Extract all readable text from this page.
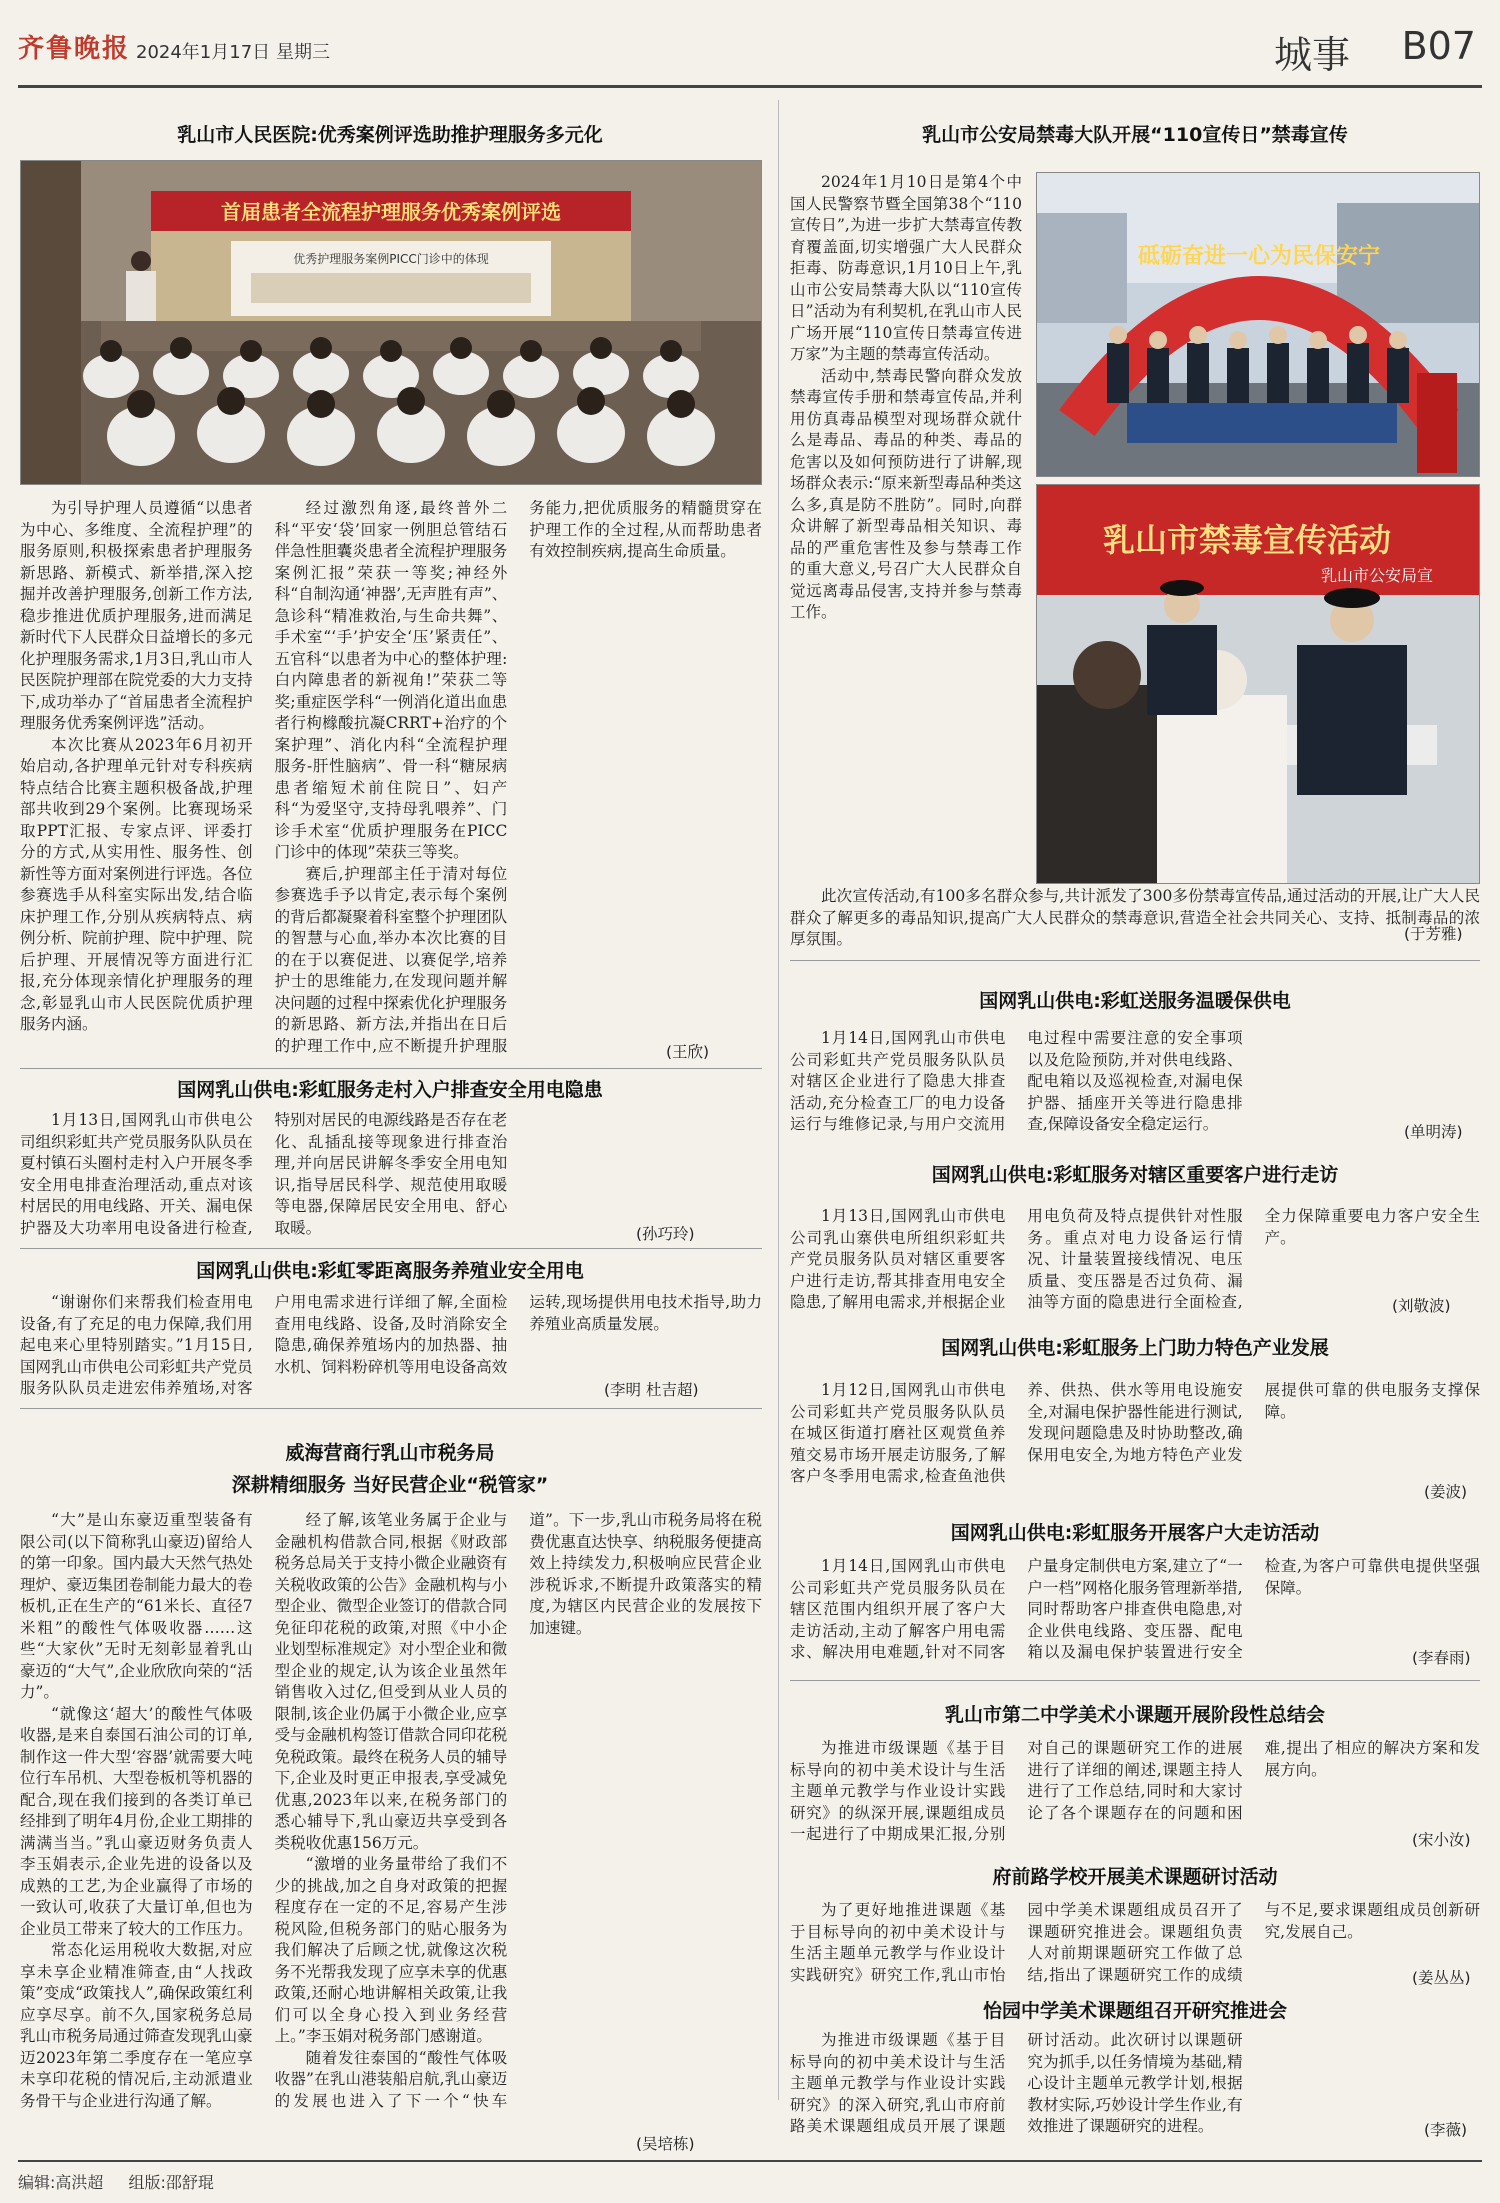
齐鲁晚报 2024年1月17日 星期三	城事 B07
乳山市人民医院:优秀案例评选助推护理服务多元化
首届患者全流程护理服务优秀案例评选
优秀护理服务案例PICC门诊中的体现

为引导护理人员遵循“以患者为中心、多维度、全流程护理”的服务原则,积极探索患者护理服务新思路、新模式、新举措,深入挖掘并改善护理服务,创新工作方法,稳步推进优质护理服务,进而满足新时代下人民群众日益增长的多元化护理服务需求,1月3日,乳山市人民医院护理部在院党委的大力支持下,成功举办了“首届患者全流程护理服务优秀案例评选”活动。

本次比赛从2023年6月初开始启动,各护理单元针对专科疾病特点结合比赛主题积极备战,护理部共收到29个案例。比赛现场采取PPT汇报、专家点评、评委打分的方式,从实用性、服务性、创新性等方面对案例进行评选。各位参赛选手从科室实际出发,结合临床护理工作,分别从疾病特点、病例分析、院前护理、院中护理、院后护理、开展情况等方面进行汇报,充分体现亲情化护理服务的理念,彰显乳山市人民医院优质护理服务内涵。

经过激烈角逐,最终普外二科“平安‘袋’回家一例胆总管结石伴急性胆囊炎患者全流程护理服务案例汇报”荣获一等奖;神经外科“自制沟通‘神器’,无声胜有声”、急诊科“精准救治,与生命共舞”、手术室“‘手’护安全‘压’紧责任”、五官科“以患者为中心的整体护理:白内障患者的新视角!”荣获二等奖;重症医学科“一例消化道出血患者行枸橼酸抗凝CRRT+治疗的个案护理”、消化内科“全流程护理服务-肝性脑病”、骨一科“糖尿病患者缩短术前住院日”、妇产科“为爱坚守,支持母乳喂养”、门诊手术室“优质护理服务在PICC门诊中的体现”荣获三等奖。

赛后,护理部主任于清对每位参赛选手予以肯定,表示每个案例的背后都凝聚着科室整个护理团队的智慧与心血,举办本次比赛的目的在于以赛促进、以赛促学,培养护士的思维能力,在发现问题并解决问题的过程中探索优化护理服务的新思路、新方法,并指出在日后的护理工作中,应不断提升护理服务能力,把优质服务的精髓贯穿在护理工作的全过程,从而帮助患者有效控制疾病,提高生命质量。

(王欣)
国网乳山供电:彩虹服务走村入户排查安全用电隐患

1月13日,国网乳山市供电公司组织彩虹共产党员服务队队员在夏村镇石头圈村走村入户开展冬季安全用电排查治理活动,重点对该村居民的用电线路、开关、漏电保护器及大功率用电设备进行检查,特别对居民的电源线路是否存在老化、乱插乱接等现象进行排查治理,并向居民讲解冬季安全用电知识,指导居民科学、规范使用取暖等电器,保障居民安全用电、舒心取暖。	(孙巧玲)
国网乳山供电:彩虹零距离服务养殖业安全用电

“谢谢你们来帮我们检查用电设备,有了充足的电力保障,我们用起电来心里特别踏实。”1月15日,国网乳山市供电公司彩虹共产党员服务队队员走进宏伟养殖场,对客户用电需求进行详细了解,全面检查用电线路、设备,及时消除安全隐患,确保养殖场内的加热器、抽水机、饲料粉碎机等用电设备高效运转,现场提供用电技术指导,助力养殖业高质量发展。

(李明 杜吉超)
威海营商行乳山市税务局
深耕精细服务 当好民营企业“税管家”

“大”是山东豪迈重型装备有限公司(以下简称乳山豪迈)留给人的第一印象。国内最大天然气热处理炉、豪迈集团卷制能力最大的卷板机,正在生产的“61米长、直径7米粗”的酸性气体吸收器……这些“大家伙”无时无刻彰显着乳山豪迈的“大气”,企业欣欣向荣的“活力”。

“就像这‘超大’的酸性气体吸收器,是来自泰国石油公司的订单,制作这一件大型‘容器’就需要大吨位行车吊机、大型卷板机等机器的配合,现在我们接到的各类订单已经排到了明年4月份,企业工期排的满满当当。”乳山豪迈财务负责人李玉娟表示,企业先进的设备以及成熟的工艺,为企业赢得了市场的一致认可,收获了大量订单,但也为企业员工带来了较大的工作压力。

常态化运用税收大数据,对应享未享企业精准筛查,由“人找政策”变成“政策找人”,确保政策红利应享尽享。前不久,国家税务总局乳山市税务局通过筛查发现乳山豪迈2023年第二季度存在一笔应享未享印花税的情况后,主动派遣业务骨干与企业进行沟通了解。

经了解,该笔业务属于企业与金融机构借款合同,根据《财政部 税务总局关于支持小微企业融资有关税收政策的公告》金融机构与小型企业、微型企业签订的借款合同免征印花税的政策,对照《中小企业划型标准规定》对小型企业和微型企业的规定,认为该企业虽然年销售收入过亿,但受到从业人员的限制,该企业仍属于小微企业,应享受与金融机构签订借款合同印花税免税政策。最终在税务人员的辅导下,企业及时更正申报表,享受减免优惠,2023年以来,在税务部门的悉心辅导下,乳山豪迈共享受到各类税收优惠156万元。

“激增的业务量带给了我们不少的挑战,加之自身对政策的把握程度存在一定的不足,容易产生涉税风险,但税务部门的贴心服务为我们解决了后顾之忧,就像这次税务不光帮我发现了应享未享的优惠政策,还耐心地讲解相关政策,让我们可以全身心投入到业务经营上。”李玉娟对税务部门感谢道。

随着发往泰国的“酸性气体吸收器”在乳山港装船启航,乳山豪迈的发展也进入了下一个“快车道”。下一步,乳山市税务局将在税费优惠直达快享、纳税服务便捷高效上持续发力,积极响应民营企业涉税诉求,不断提升政策落实的精度,为辖区内民营企业的发展按下加速键。

(吴培栋)
乳山市公安局禁毒大队开展“110宣传日”禁毒宣传
砥砺奋进一心为民保安宁
乳山市禁毒宣传活动
乳山市公安局宣

2024年1月10日是第4个中国人民警察节暨全国第38个“110宣传日”,为进一步扩大禁毒宣传教育覆盖面,切实增强广大人民群众拒毒、防毒意识,1月10日上午,乳山市公安局禁毒大队以“110宣传日”活动为有利契机,在乳山市人民广场开展“110宣传日禁毒宣传进万家”为主题的禁毒宣传活动。

活动中,禁毒民警向群众发放禁毒宣传手册和禁毒宣传品,并利用仿真毒品模型对现场群众就什么是毒品、毒品的种类、毒品的危害以及如何预防进行了讲解,现场群众表示:“原来新型毒品种类这么多,真是防不胜防”。同时,向群众讲解了新型毒品相关知识、毒品的严重危害性及参与禁毒工作的重大意义,号召广大人民群众自觉远离毒品侵害,支持并参与禁毒工作。

此次宣传活动,有100多名群众参与,共计派发了300多份禁毒宣传品,通过活动的开展,让广大人民群众了解更多的毒品知识,提高广大人民群众的禁毒意识,营造全社会共同关心、支持、抵制毒品的浓厚氛围。	(于芳雅)
国网乳山供电:彩虹送服务温暖保供电

1月14日,国网乳山市供电公司彩虹共产党员服务队队员对辖区企业进行了隐患大排查活动,充分检查工厂的电力设备运行与维修记录,与用户交流用电过程中需要注意的安全事项以及危险预防,并对供电线路、配电箱以及巡视检查,对漏电保护器、插座开关等进行隐患排查,保障设备安全稳定运行。	(单明涛)
国网乳山供电:彩虹服务对辖区重要客户进行走访

1月13日,国网乳山市供电公司乳山寨供电所组织彩虹共产党员服务队员对辖区重要客户进行走访,帮其排查用电安全隐患,了解用电需求,并根据企业用电负荷及特点提供针对性服务。重点对电力设备运行情况、计量装置接线情况、电压质量、变压器是否过负荷、漏油等方面的隐患进行全面检查,全力保障重要电力客户安全生产。

(刘敬波)
国网乳山供电:彩虹服务上门助力特色产业发展

1月12日,国网乳山市供电公司彩虹共产党员服务队队员在城区街道打磨社区观赏鱼养殖交易市场开展走访服务,了解客户冬季用电需求,检查鱼池供养、供热、供水等用电设施安全,对漏电保护器性能进行测试,发现问题隐患及时协助整改,确保用电安全,为地方特色产业发展提供可靠的供电服务支撑保障。

(姜波)
国网乳山供电:彩虹服务开展客户大走访活动

1月14日,国网乳山市供电公司彩虹共产党员服务队员在辖区范围内组织开展了客户大走访活动,主动了解客户用电需求、解决用电难题,针对不同客户量身定制供电方案,建立了“一户一档”网格化服务管理新举措,同时帮助客户排查供电隐患,对企业供电线路、变压器、配电箱以及漏电保护装置进行安全检查,为客户可靠供电提供坚强保障。

(李春雨)
乳山市第二中学美术小课题开展阶段性总结会

为推进市级课题《基于目标导向的初中美术设计与生活主题单元教学与作业设计实践研究》的纵深开展,课题组成员一起进行了中期成果汇报,分别对自己的课题研究工作的进展进行了详细的阐述,课题主持人进行了工作总结,同时和大家讨论了各个课题存在的问题和困难,提出了相应的解决方案和发展方向。

(宋小汝)
府前路学校开展美术课题研讨活动

为了更好地推进课题《基于目标导向的初中美术设计与生活主题单元教学与作业设计实践研究》研究工作,乳山市怡园中学美术课题组成员召开了课题研究推进会。课题组负责人对前期课题研究工作做了总结,指出了课题研究工作的成绩与不足,要求课题组成员创新研究,发展自己。

(姜丛丛)
怡园中学美术课题组召开研究推进会

为推进市级课题《基于目标导向的初中美术设计与生活主题单元教学与作业设计实践研究》的深入研究,乳山市府前路美术课题组成员开展了课题研讨活动。此次研讨以课题研究为抓手,以任务情境为基础,精心设计主题单元教学计划,根据教材实际,巧妙设计学生作业,有效推进了课题研究的进程。	(李薇)
编辑:高洪超 组版:邵舒琨
